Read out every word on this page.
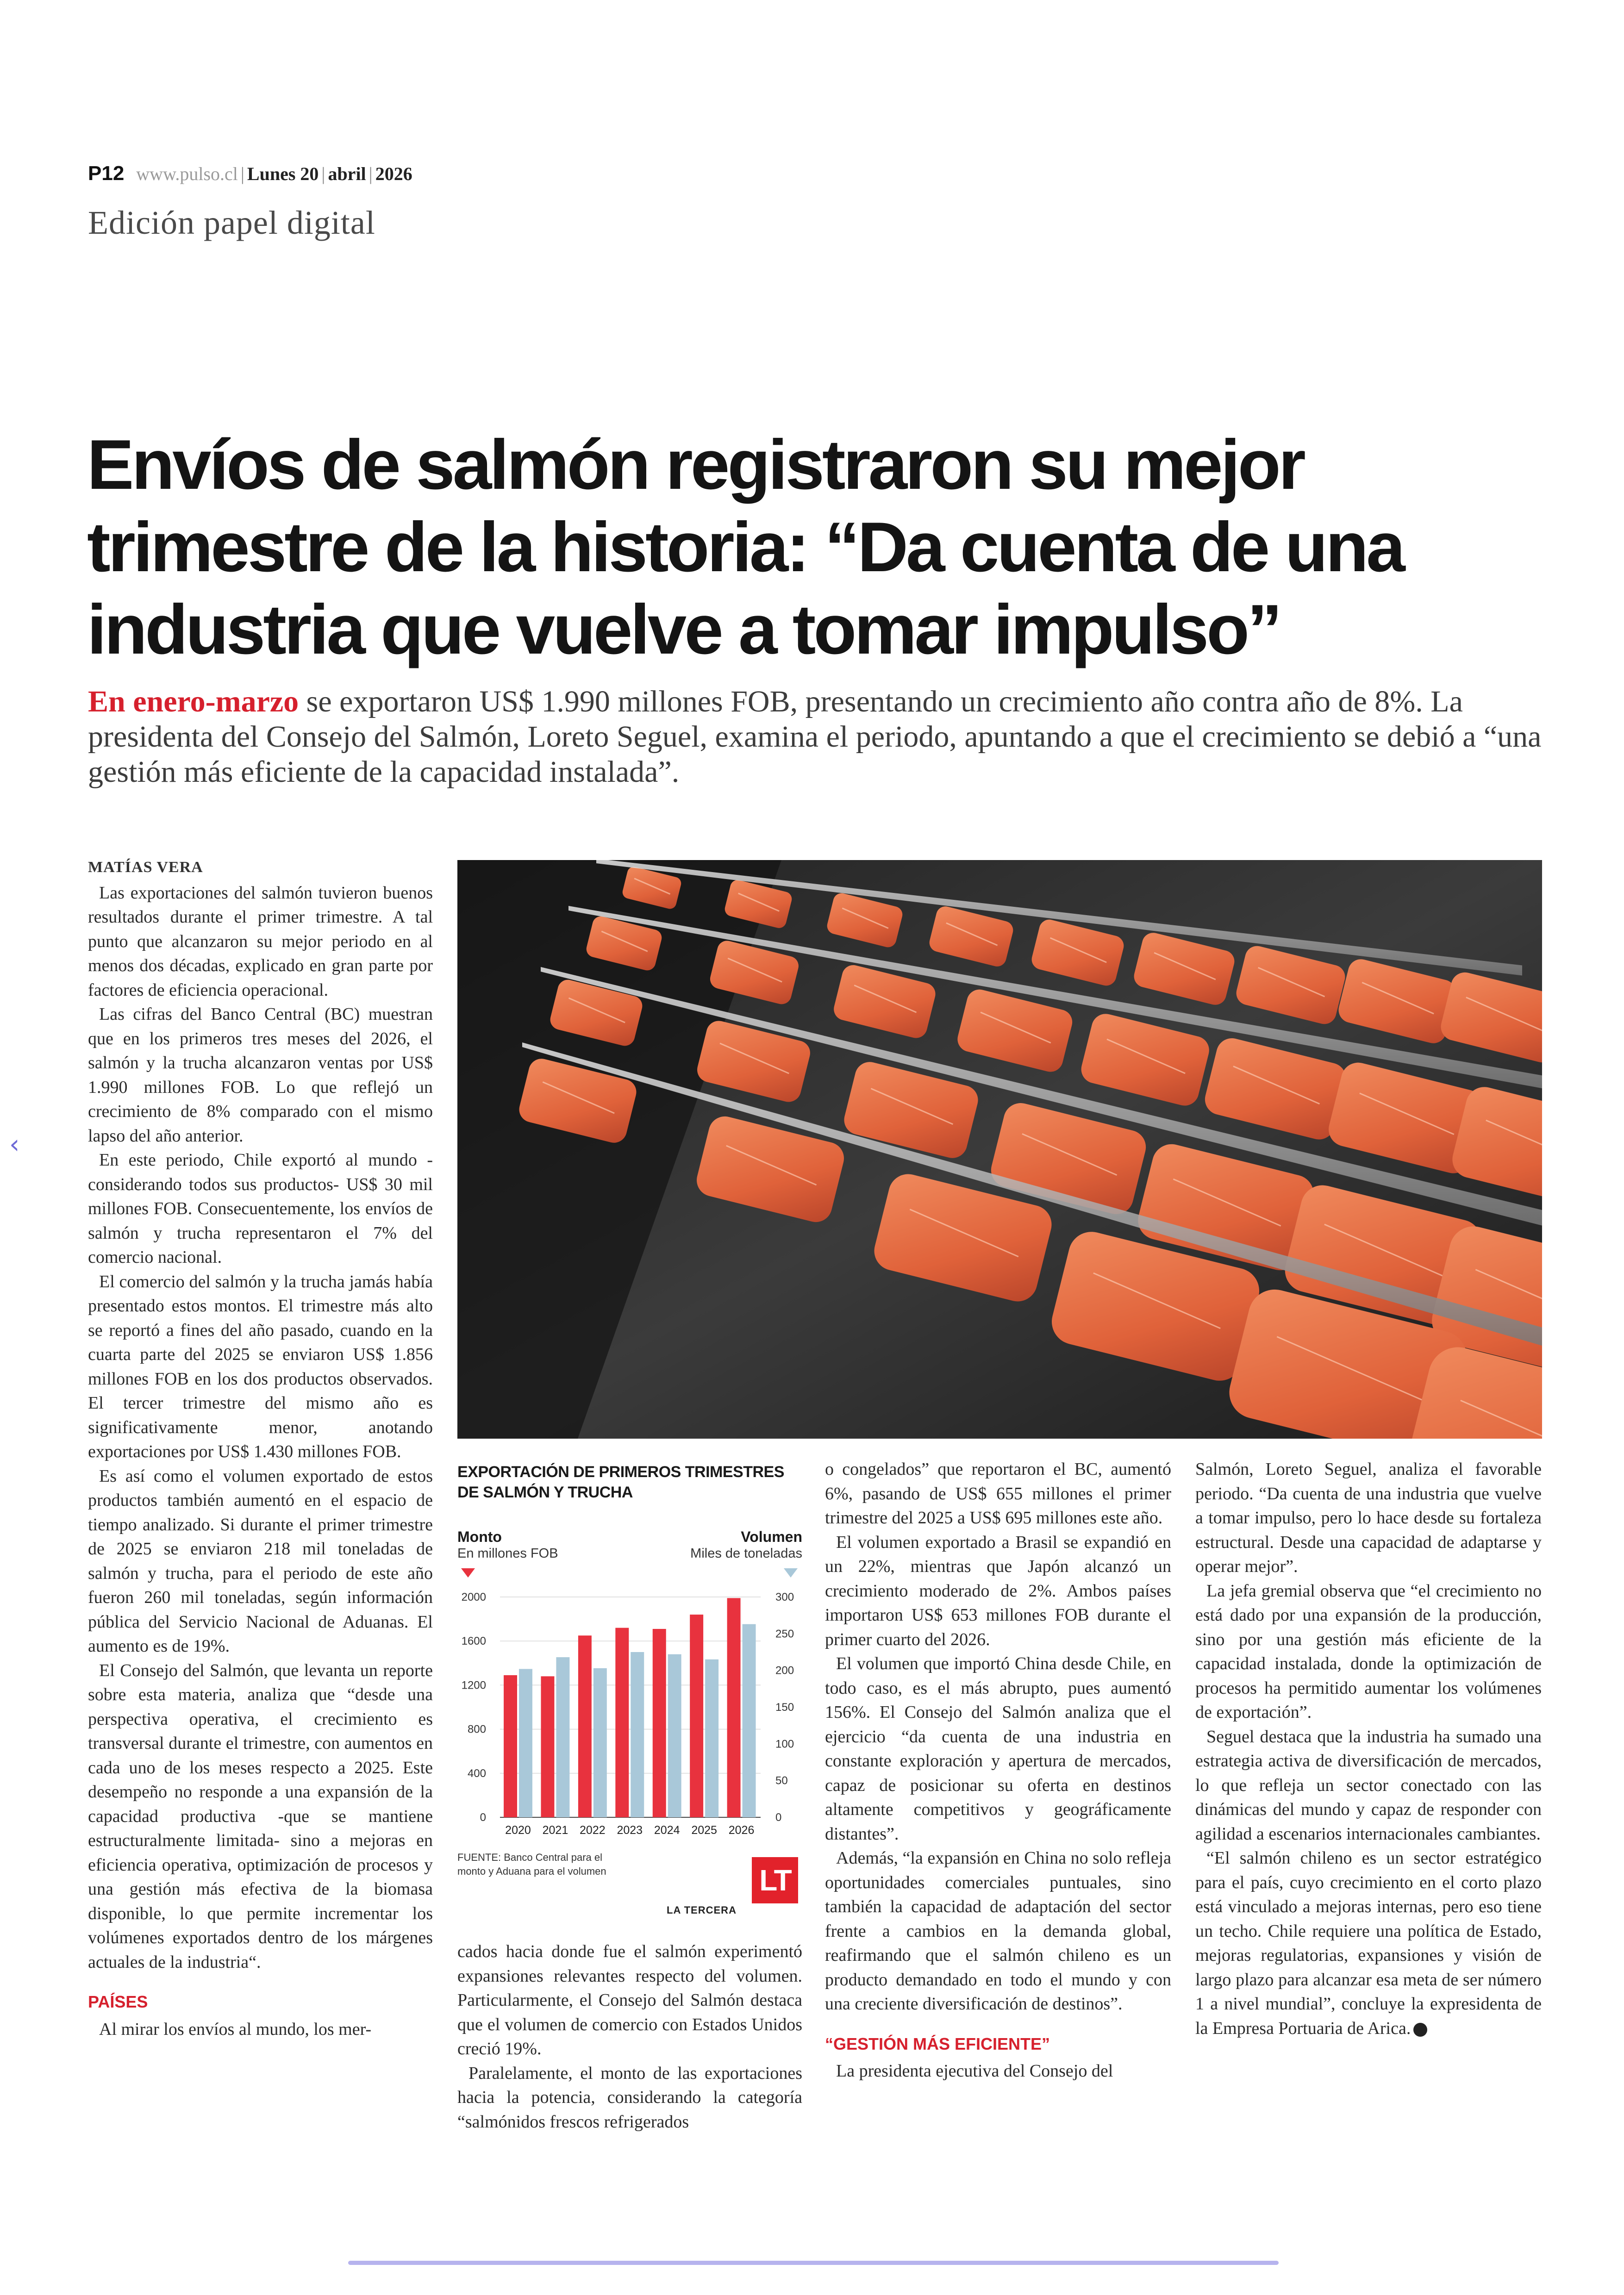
P12 www.pulso.cl | Lunes 20 | abril | 2026
Edición papel digital
Envíos de salmón registraron su mejor trimestre de la historia: “Da cuenta de una industria que vuelve a tomar impulso”

En enero-marzo se exportaron US$ 1.990 millones FOB, presentando un crecimiento año contra año de 8%. La presidenta del Consejo del Salmón, Loreto Seguel, examina el periodo, apuntando a que el crecimiento se debió a “una gestión más eficiente de la capacidad instalada”.

MATÍAS VERA

Las exportaciones del salmón tuvieron buenos resultados durante el primer trimestre. A tal punto que alcanzaron su mejor periodo en al menos dos décadas, explicado en gran parte por factores de eficiencia operacional.

Las cifras del Banco Central (BC) muestran que en los primeros tres meses del 2026, el salmón y la trucha alcanzaron ventas por US$ 1.990 millones FOB. Lo que reflejó un crecimiento de 8% comparado con el mismo lapso del año anterior.

En este periodo, Chile exportó al mundo -considerando todos sus productos- US$ 30 mil millones FOB. Consecuentemente, los envíos de salmón y trucha representaron el 7% del comercio nacional.

El comercio del salmón y la trucha jamás había presentado estos montos. El trimestre más alto se reportó a fines del año pasado, cuando en la cuarta parte del 2025 se enviaron US$ 1.856 millones FOB en los dos productos observados. El tercer trimestre del mismo año es significativamente menor, anotando exportaciones por US$ 1.430 millones FOB.

Es así como el volumen exportado de estos productos también aumentó en el espacio de tiempo analizado. Si durante el primer trimestre de 2025 se enviaron 218 mil toneladas de salmón y trucha, para el periodo de este año fueron 260 mil toneladas, según información pública del Servicio Nacional de Aduanas. El aumento es de 19%.

El Consejo del Salmón, que levanta un reporte sobre esta materia, analiza que “desde una perspectiva operativa, el crecimiento es transversal durante el trimestre, con aumentos en cada uno de los meses respecto a 2025. Este desempeño no responde a una expansión de la capacidad productiva -que se mantiene estructuralmente limitada- sino a mejoras en eficiencia operativa, optimización de procesos y una gestión más efectiva de la biomasa disponible, lo que permite incrementar los volúmenes exportados dentro de los márgenes actuales de la industria“.

PAÍSES

Al mirar los envíos al mundo, los mer-

0
400
800
1200
1600
2000
0
50
100
150
200
250
300
2020 2021 2022 2023 2024 2025 2026
EXPORTACIÓN DE PRIMEROS TRIMESTRES DE SALMÓN Y TRUCHA
Monto
En millones FOB
Volumen
Miles de toneladas
FUENTE: Banco Central para el monto y Aduana para el volumen	LT
LA TERCERA

cados hacia donde fue el salmón experimentó expansiones relevantes respecto del volumen. Particularmente, el Consejo del Salmón destaca que el volumen de comercio con Estados Unidos creció 19%.

Paralelamente, el monto de las exportaciones hacia la potencia, considerando la categoría “salmónidos frescos refrigerados

o congelados” que reportaron el BC, aumentó 6%, pasando de US$ 655 millones el primer trimestre del 2025 a US$ 695 millones este año.

El volumen exportado a Brasil se expandió en un 22%, mientras que Japón alcanzó un crecimiento moderado de 2%. Ambos países importaron US$ 653 millones FOB durante el primer cuarto del 2026.

El volumen que importó China desde Chile, en todo caso, es el más abrupto, pues aumentó 156%. El Consejo del Salmón analiza que el ejercicio “da cuenta de una industria en constante exploración y apertura de mercados, capaz de posicionar su oferta en destinos altamente competitivos y geográficamente distantes”.

Además, “la expansión en China no solo refleja oportunidades comerciales puntuales, sino también la capacidad de adaptación del sector frente a cambios en la demanda global, reafirmando que el salmón chileno es un producto demandado en todo el mundo y con una creciente diversificación de destinos”.

“GESTIÓN MÁS EFICIENTE”

La presidenta ejecutiva del Consejo del

Salmón, Loreto Seguel, analiza el favorable periodo. “Da cuenta de una industria que vuelve a tomar impulso, pero lo hace desde su fortaleza estructural. Desde una capacidad de adaptarse y operar mejor”.

La jefa gremial observa que “el crecimiento no está dado por una expansión de la producción, sino por una gestión más eficiente de la capacidad instalada, donde la optimización de procesos ha permitido aumentar los volúmenes de exportación”.

Seguel destaca que la industria ha sumado una estrategia activa de diversificación de mercados, lo que refleja un sector conectado con las dinámicas del mundo y capaz de responder con agilidad a escenarios internacionales cambiantes.

“El salmón chileno es un sector estratégico para el país, cuyo crecimiento en el corto plazo está vinculado a mejoras internas, pero eso tiene un techo. Chile requiere una política de Estado, mejoras regulatorias, expansiones y visión de largo plazo para alcanzar esa meta de ser número 1 a nivel mundial”, concluye la expresidenta de la Empresa Portuaria de Arica.

‹
